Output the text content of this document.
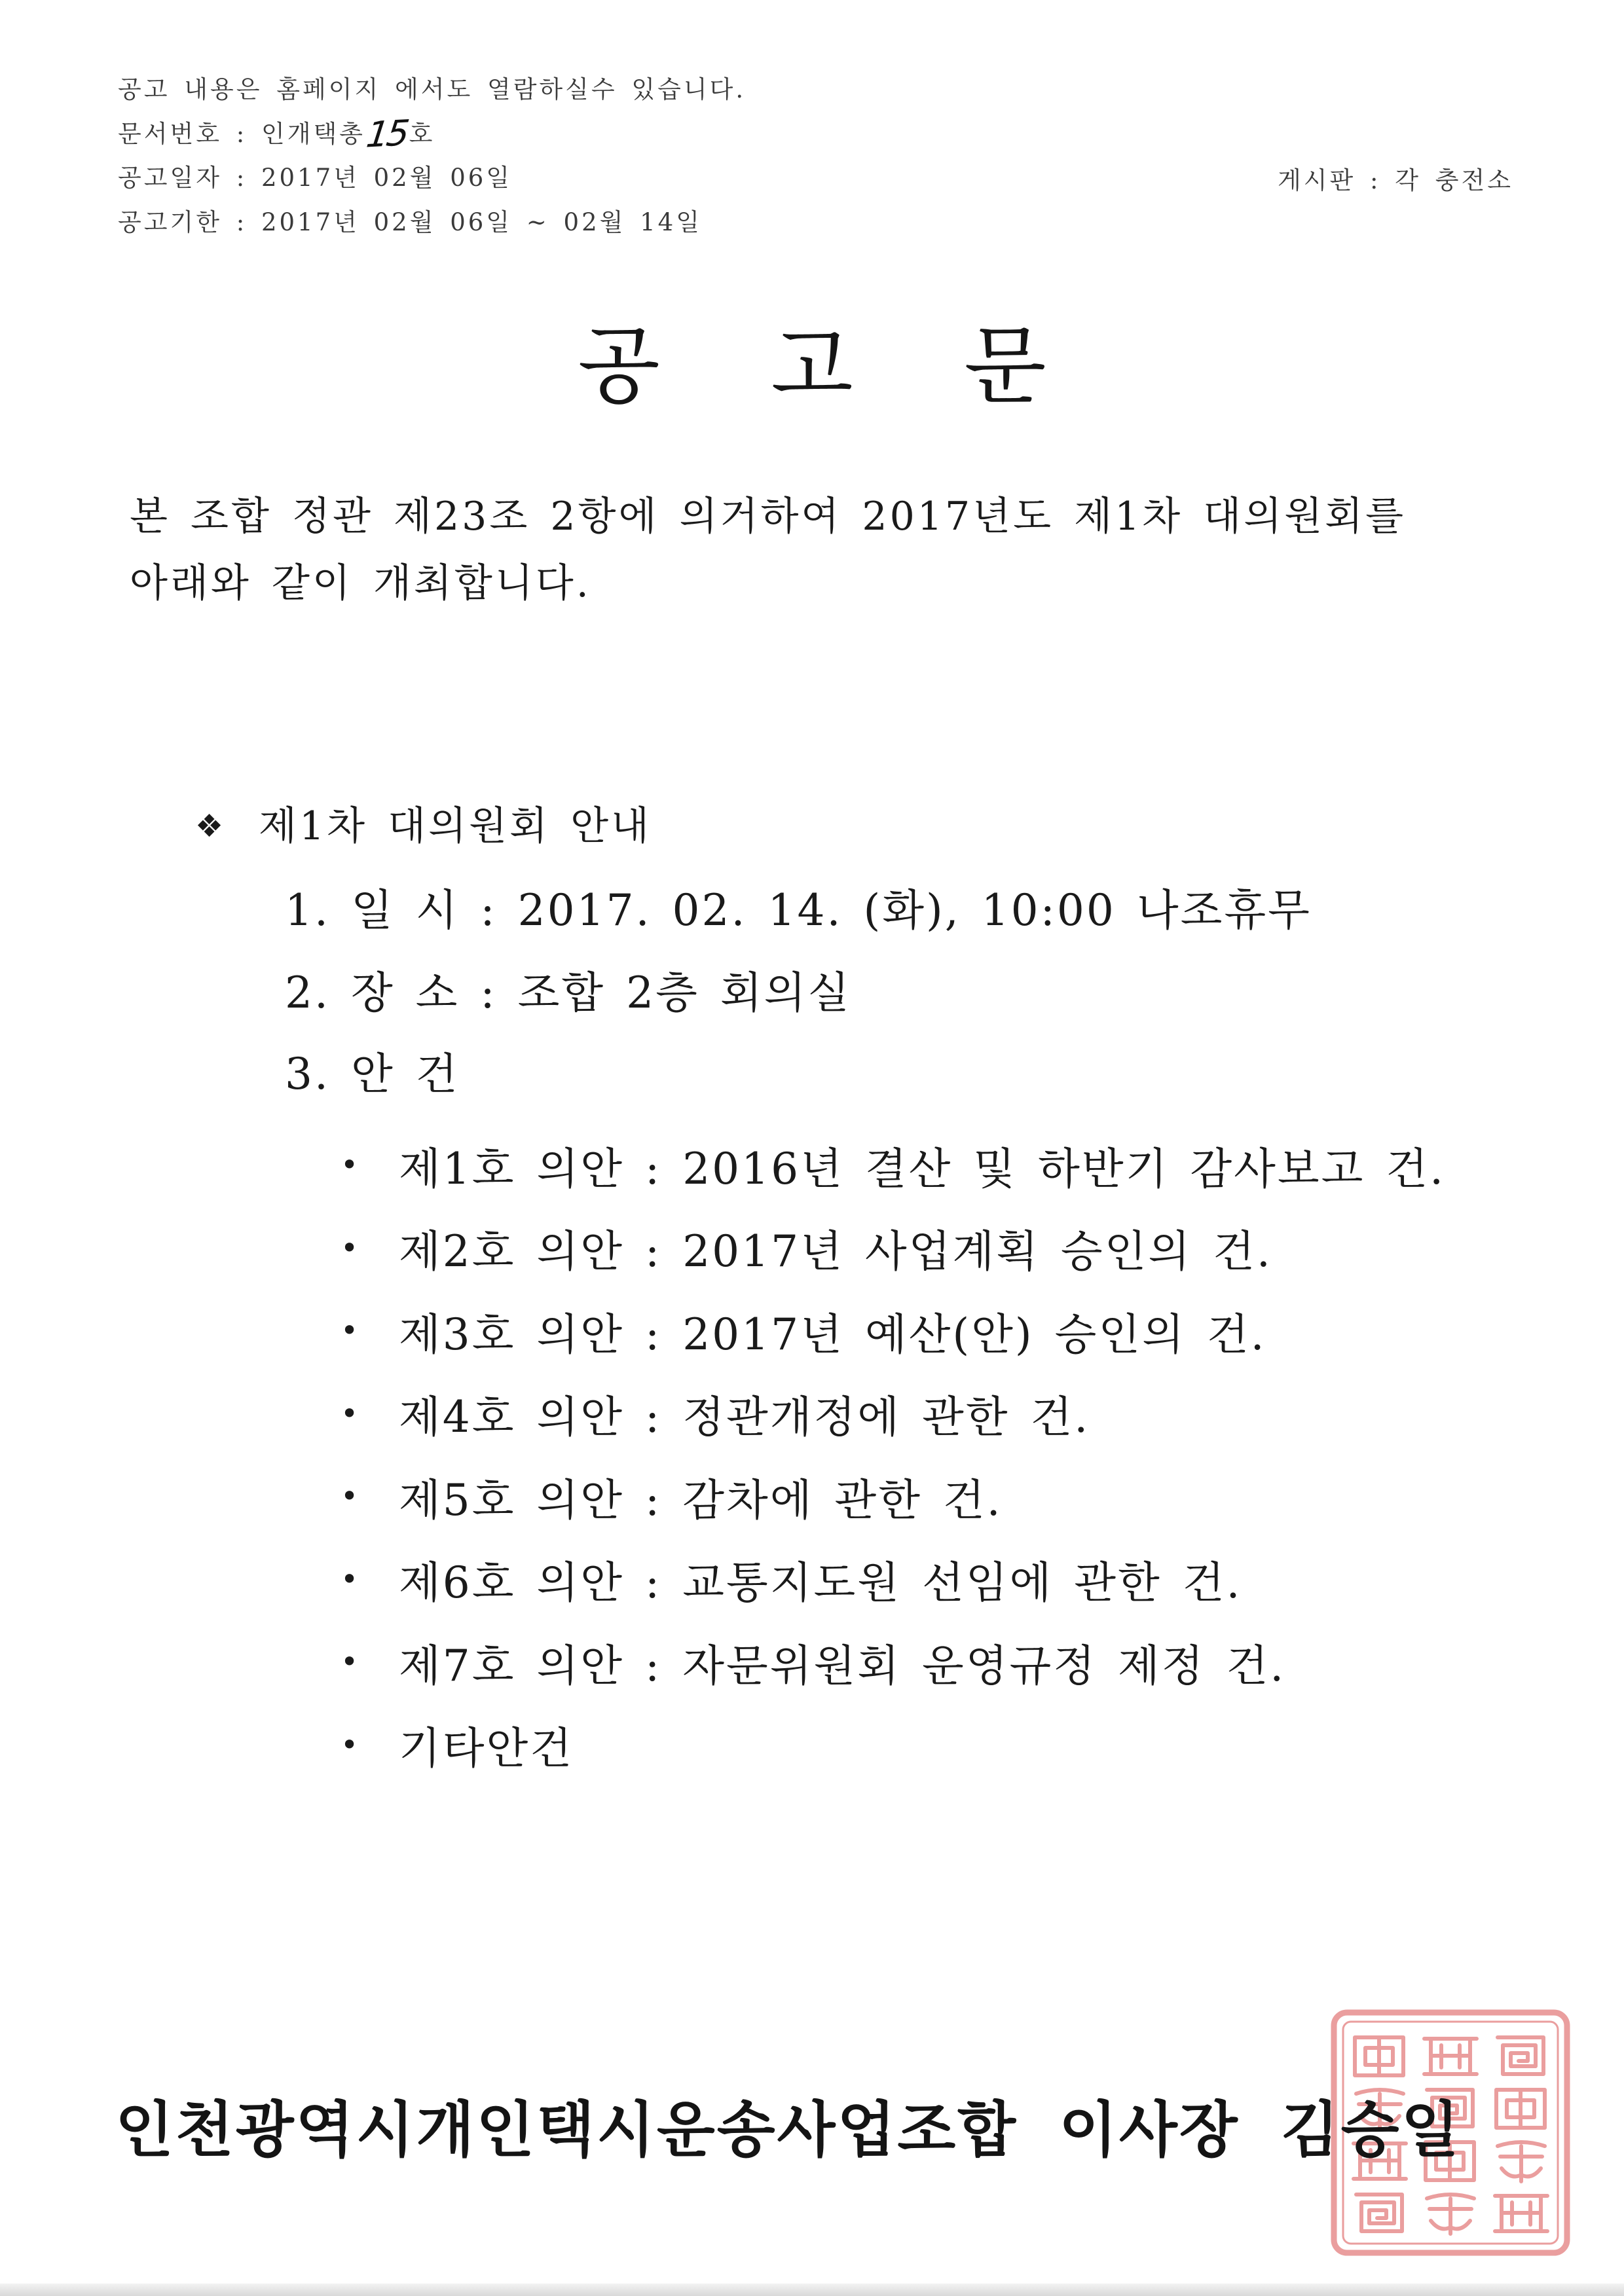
공고 내용은 홈페이지 에서도 열람하실수 있습니다.
문서번호 : 인개택총15호
공고일자 : 2017년 02월 06일	게시판 : 각 충전소
공고기한 : 2017년 02월 06일 ~ 02월 14일
공 고 문
본 조합 정관 제23조 2항에 의거하여 2017년도 제1차 대의원회를
아래와 같이 개최합니다.
❖ 제1차 대의원회 안내
1. 일 시 : 2017. 02. 14. (화), 10:00 나조휴무
2. 장 소 : 조합 2층 회의실
3. 안 건
• 제1호 의안 : 2016년 결산 및 하반기 감사보고 건.
• 제2호 의안 : 2017년 사업계획 승인의 건.
• 제3호 의안 : 2017년 예산(안) 승인의 건.
• 제4호 의안 : 정관개정에 관한 건.
• 제5호 의안 : 감차에 관한 건.
• 제6호 의안 : 교통지도원 선임에 관한 건.
• 제7호 의안 : 자문위원회 운영규정 제정 건.
• 기타안건
인천광역시개인택시운송사업조합 이사장 김승일
